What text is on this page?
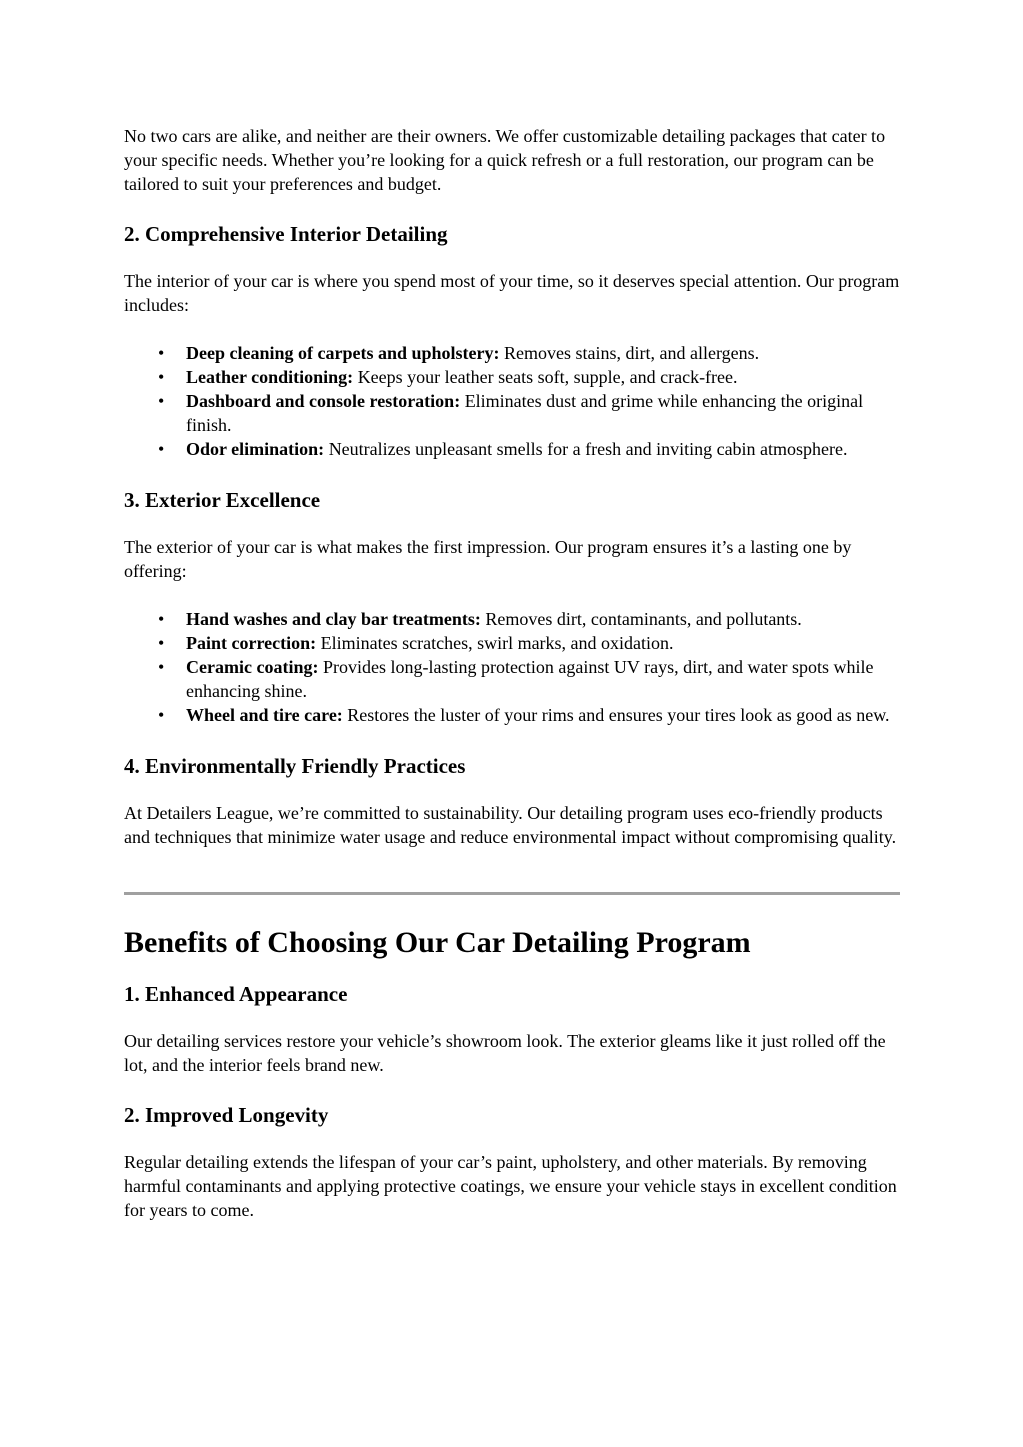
No two cars are alike, and neither are their owners. We offer customizable detailing packages that cater to your specific needs. Whether you’re looking for a quick refresh or a full restoration, our program can be tailored to suit your preferences and budget.

2. Comprehensive Interior Detailing

The interior of your car is where you spend most of your time, so it deserves special attention. Our program includes:

• Deep cleaning of carpets and upholstery: Removes stains, dirt, and allergens.
• Leather conditioning: Keeps your leather seats soft, supple, and crack-free.
• Dashboard and console restoration: Eliminates dust and grime while enhancing the original finish.
• Odor elimination: Neutralizes unpleasant smells for a fresh and inviting cabin atmosphere.
3. Exterior Excellence

The exterior of your car is what makes the first impression. Our program ensures it’s a lasting one by offering:

• Hand washes and clay bar treatments: Removes dirt, contaminants, and pollutants.
• Paint correction: Eliminates scratches, swirl marks, and oxidation.
• Ceramic coating: Provides long-lasting protection against UV rays, dirt, and water spots while enhancing shine.
• Wheel and tire care: Restores the luster of your rims and ensures your tires look as good as new.
4. Environmentally Friendly Practices

At Detailers League, we’re committed to sustainability. Our detailing program uses eco-friendly products and techniques that minimize water usage and reduce environmental impact without compromising quality.

Benefits of Choosing Our Car Detailing Program
1. Enhanced Appearance

Our detailing services restore your vehicle’s showroom look. The exterior gleams like it just rolled off the lot, and the interior feels brand new.

2. Improved Longevity

Regular detailing extends the lifespan of your car’s paint, upholstery, and other materials. By removing harmful contaminants and applying protective coatings, we ensure your vehicle stays in excellent condition for years to come.
